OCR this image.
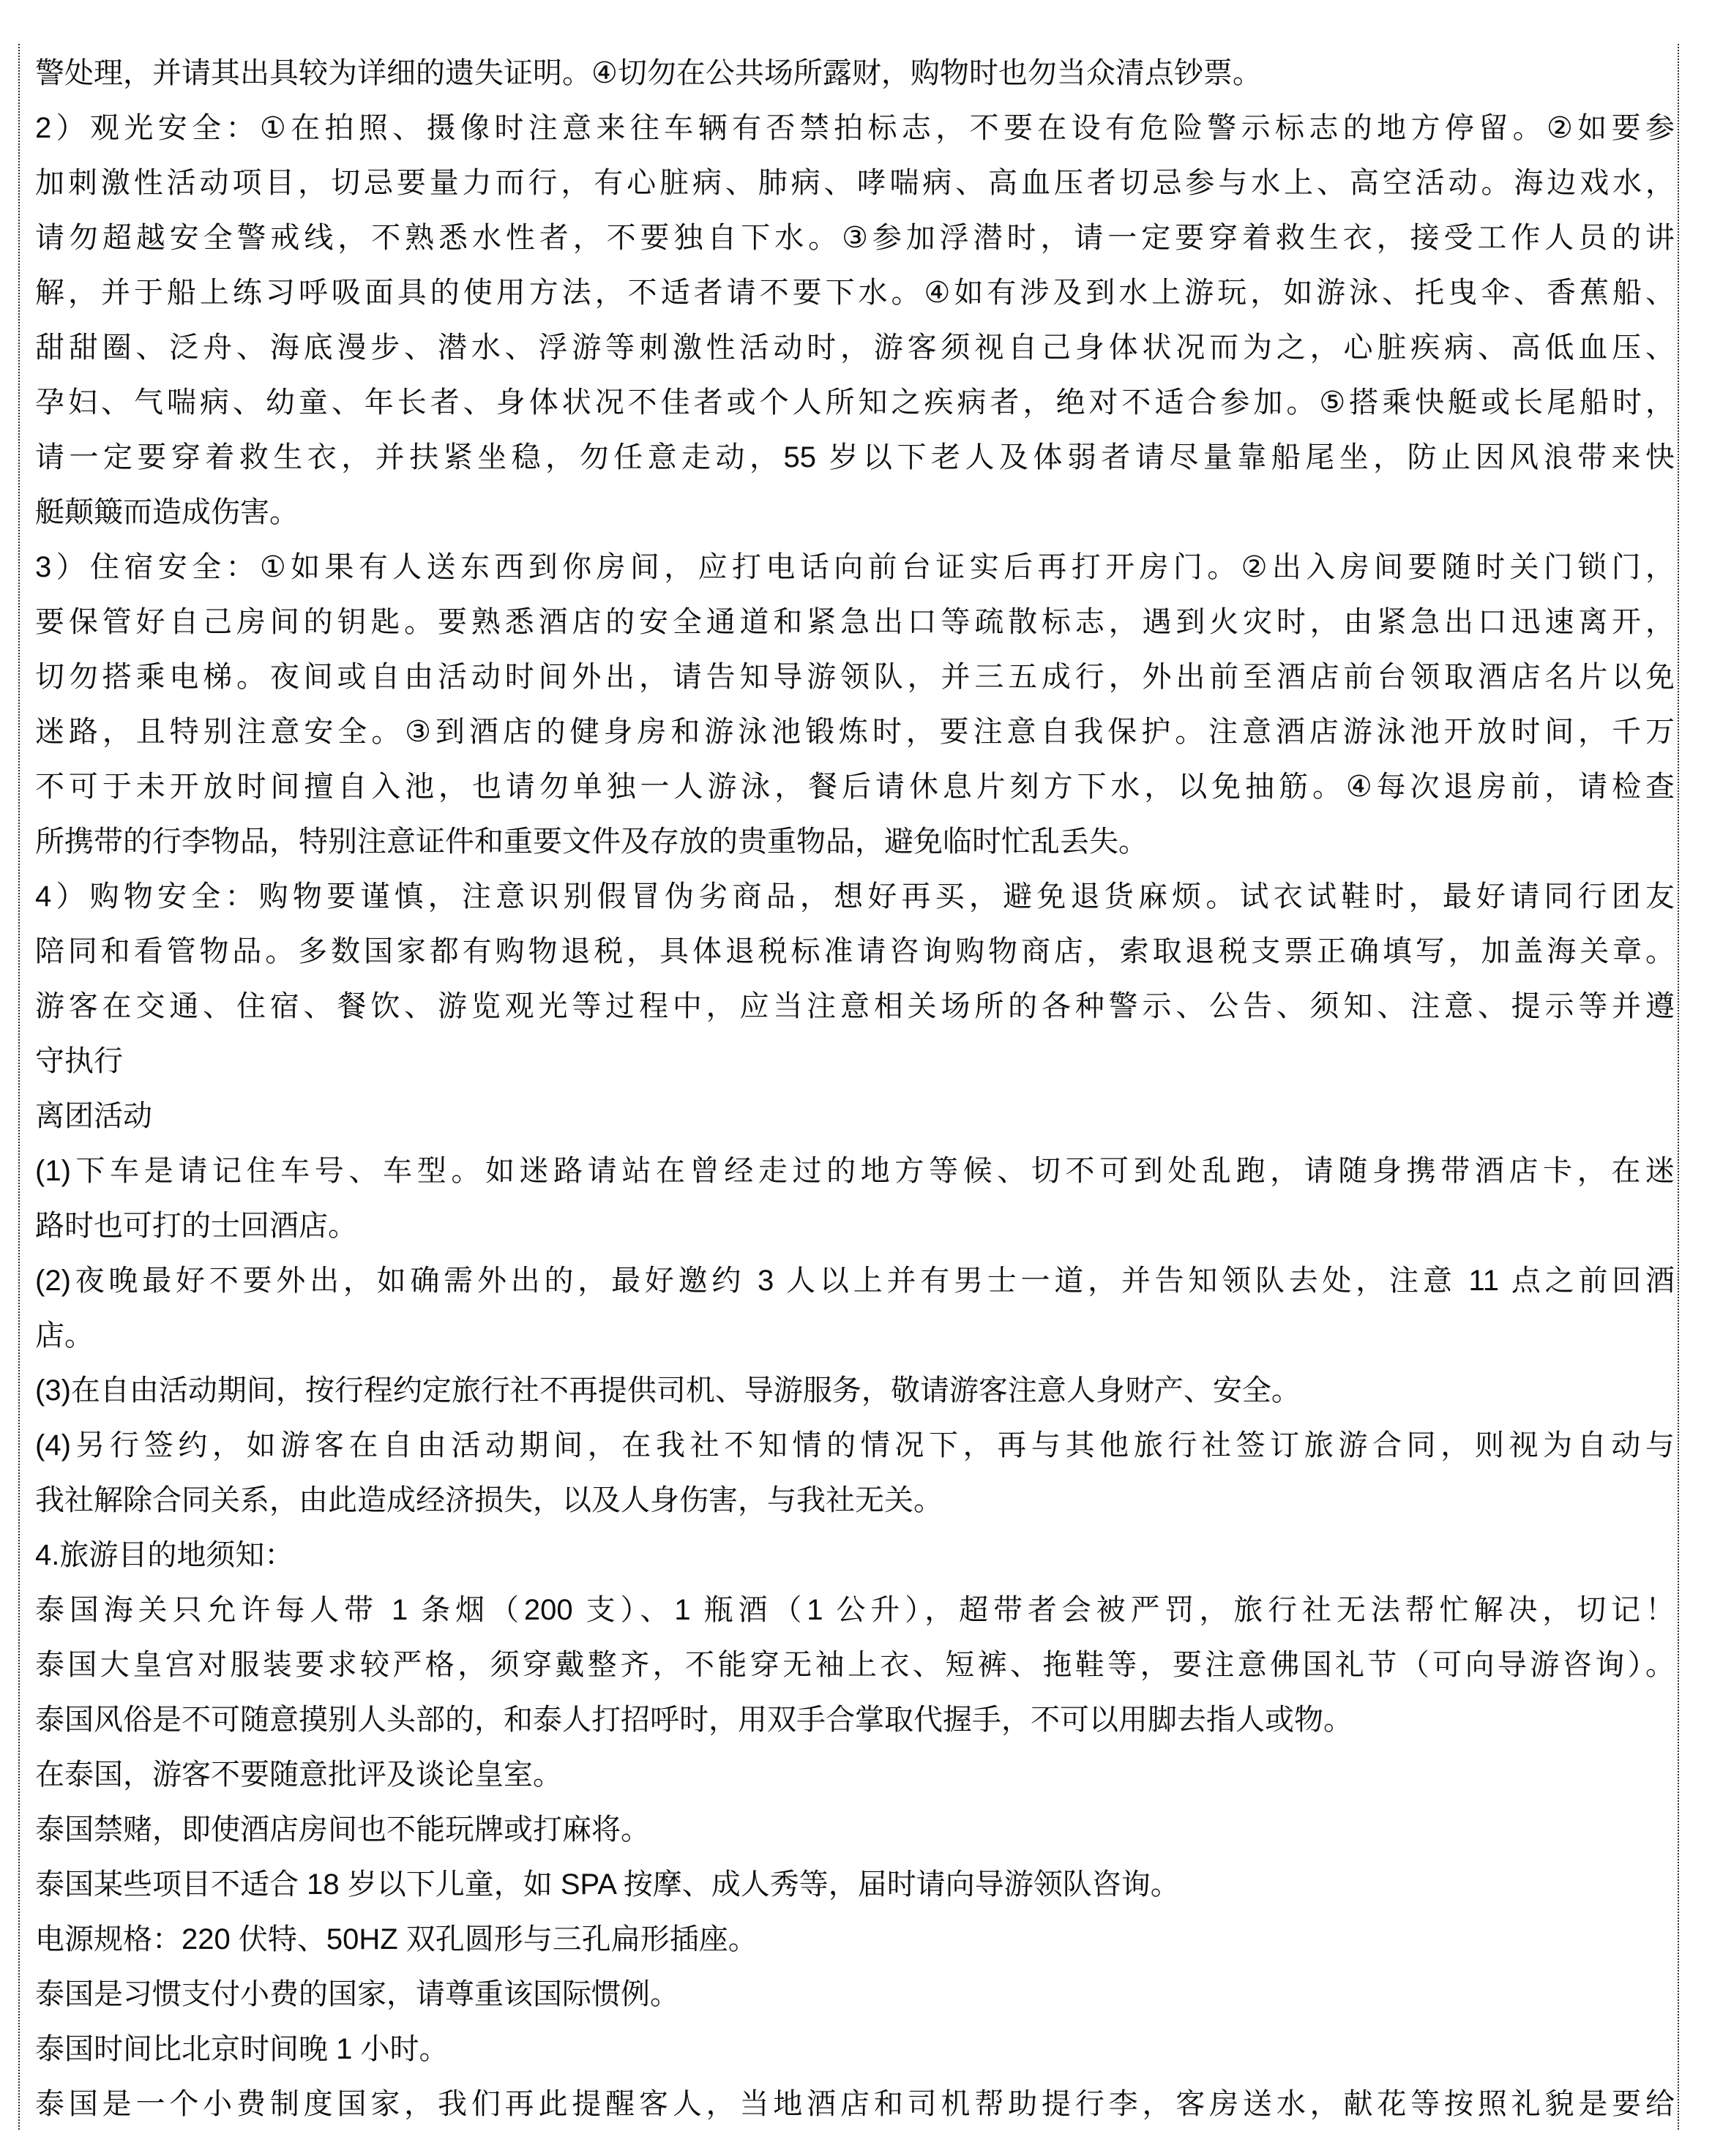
警处理，并请其出具较为详细的遗失证明。④切勿在公共场所露财，购物时也勿当众清点钞票。
2）观光安全：①在拍照、摄像时注意来往车辆有否禁拍标志，不要在设有危险警示标志的地方停留。②如要参
加刺激性活动项目，切忌要量力而行，有心脏病、肺病、哮喘病、高血压者切忌参与水上、高空活动。海边戏水，
请勿超越安全警戒线，不熟悉水性者，不要独自下水。③参加浮潜时，请一定要穿着救生衣，接受工作人员的讲
解，并于船上练习呼吸面具的使用方法，不适者请不要下水。④如有涉及到水上游玩，如游泳、托曳伞、香蕉船、
甜甜圈、泛舟、海底漫步、潜水、浮游等刺激性活动时，游客须视自己身体状况而为之，心脏疾病、高低血压、
孕妇、气喘病、幼童、年长者、身体状况不佳者或个人所知之疾病者，绝对不适合参加。⑤搭乘快艇或长尾船时，
请一定要穿着救生衣，并扶紧坐稳，勿任意走动，55 岁以下老人及体弱者请尽量靠船尾坐，防止因风浪带来快
艇颠簸而造成伤害。
3）住宿安全：①如果有人送东西到你房间，应打电话向前台证实后再打开房门。②出入房间要随时关门锁门，
要保管好自己房间的钥匙。要熟悉酒店的安全通道和紧急出口等疏散标志，遇到火灾时，由紧急出口迅速离开，
切勿搭乘电梯。夜间或自由活动时间外出，请告知导游领队，并三五成行，外出前至酒店前台领取酒店名片以免
迷路，且特别注意安全。③到酒店的健身房和游泳池锻炼时，要注意自我保护。注意酒店游泳池开放时间，千万
不可于未开放时间擅自入池，也请勿单独一人游泳，餐后请休息片刻方下水，以免抽筋。④每次退房前，请检查
所携带的行李物品，特别注意证件和重要文件及存放的贵重物品，避免临时忙乱丢失。
4）购物安全：购物要谨慎，注意识别假冒伪劣商品，想好再买，避免退货麻烦。试衣试鞋时，最好请同行团友
陪同和看管物品。多数国家都有购物退税，具体退税标准请咨询购物商店，索取退税支票正确填写，加盖海关章。
游客在交通、住宿、餐饮、游览观光等过程中，应当注意相关场所的各种警示、公告、须知、注意、提示等并遵
守执行
离团活动
(1)下车是请记住车号、车型。如迷路请站在曾经走过的地方等候、切不可到处乱跑，请随身携带酒店卡，在迷
路时也可打的士回酒店。
(2)夜晚最好不要外出，如确需外出的，最好邀约 3 人以上并有男士一道，并告知领队去处，注意 11 点之前回酒
店。
(3)在自由活动期间，按行程约定旅行社不再提供司机、导游服务，敬请游客注意人身财产、安全。
(4)另行签约，如游客在自由活动期间，在我社不知情的情况下，再与其他旅行社签订旅游合同，则视为自动与
我社解除合同关系，由此造成经济损失，以及人身伤害，与我社无关。
4.旅游目的地须知：
泰国海关只允许每人带 1 条烟（200 支）、1 瓶酒（1 公升），超带者会被严罚，旅行社无法帮忙解决，切记！
泰国大皇宫对服装要求较严格，须穿戴整齐，不能穿无袖上衣、短裤、拖鞋等，要注意佛国礼节（可向导游咨询）。
泰国风俗是不可随意摸别人头部的，和泰人打招呼时，用双手合掌取代握手，不可以用脚去指人或物。
在泰国，游客不要随意批评及谈论皇室。
泰国禁赌，即使酒店房间也不能玩牌或打麻将。
泰国某些项目不适合 18 岁以下儿童，如 SPA 按摩、成人秀等，届时请向导游领队咨询。
电源规格：220 伏特、50HZ 双孔圆形与三孔扁形插座。
泰国是习惯支付小费的国家，请尊重该国际惯例。
泰国时间比北京时间晚 1 小时。
泰国是一个小费制度国家，我们再此提醒客人，当地酒店和司机帮助提行李，客房送水，献花等按照礼貌是要给
